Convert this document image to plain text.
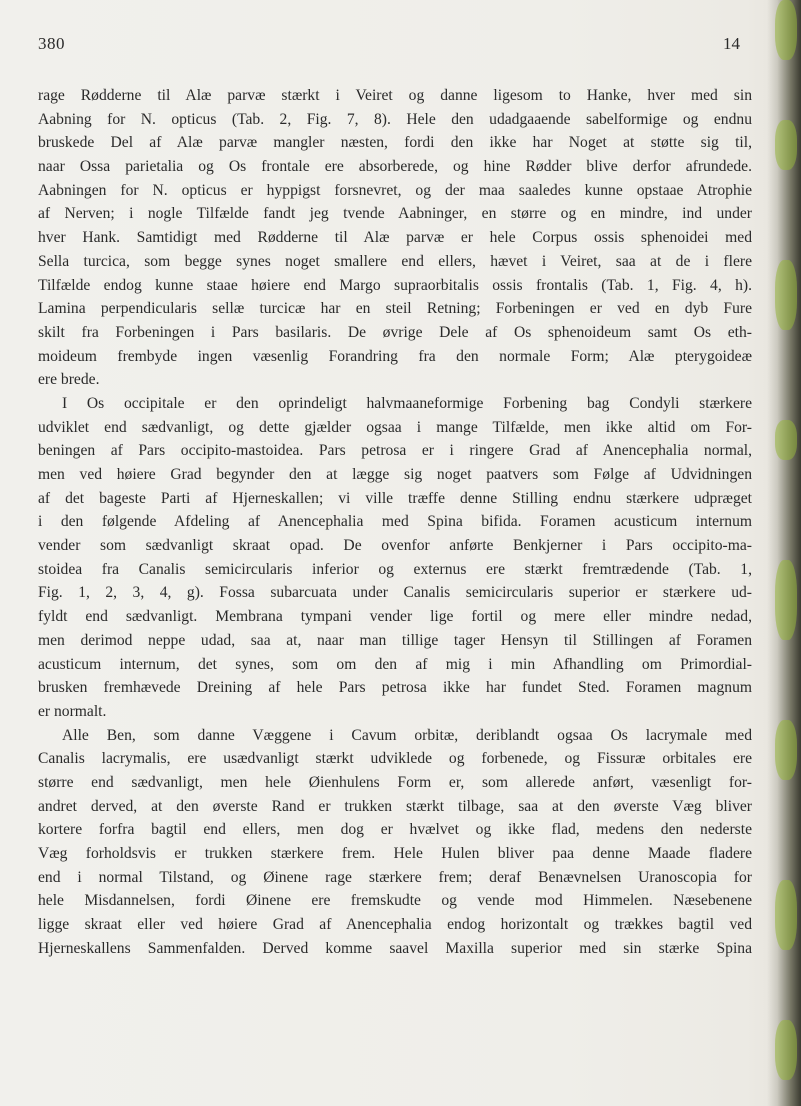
380	14
rage Rødderne til Alæ parvæ stærkt i Veiret og danne ligesom to Hanke, hver med sin
Aabning for N. opticus (Tab. 2, Fig. 7, 8). Hele den udadgaaende sabelformige og endnu
bruskede Del af Alæ parvæ mangler næsten, fordi den ikke har Noget at støtte sig til,
naar Ossa parietalia og Os frontale ere absorberede, og hine Rødder blive derfor afrundede.
Aabningen for N. opticus er hyppigst forsnevret, og der maa saaledes kunne opstaae Atrophie
af Nerven; i nogle Tilfælde fandt jeg tvende Aabninger, en større og en mindre, ind under
hver Hank. Samtidigt med Rødderne til Alæ parvæ er hele Corpus ossis sphenoidei med
Sella turcica, som begge synes noget smallere end ellers, hævet i Veiret, saa at de i flere
Tilfælde endog kunne staae høiere end Margo supraorbitalis ossis frontalis (Tab. 1, Fig. 4, h).
Lamina perpendicularis sellæ turcicæ har en steil Retning; Forbeningen er ved en dyb Fure
skilt fra Forbeningen i Pars basilaris. De øvrige Dele af Os sphenoideum samt Os eth-
moideum frembyde ingen væsenlig Forandring fra den normale Form; Alæ pterygoideæ
ere brede.
I Os occipitale er den oprindeligt halvmaaneformige Forbening bag Condyli stærkere
udviklet end sædvanligt, og dette gjælder ogsaa i mange Tilfælde, men ikke altid om For-
beningen af Pars occipito-mastoidea. Pars petrosa er i ringere Grad af Anencephalia normal,
men ved høiere Grad begynder den at lægge sig noget paatvers som Følge af Udvidningen
af det bageste Parti af Hjerneskallen; vi ville træffe denne Stilling endnu stærkere udpræget
i den følgende Afdeling af Anencephalia med Spina bifida. Foramen acusticum internum
vender som sædvanligt skraat opad. De ovenfor anførte Benkjerner i Pars occipito-ma-
stoidea fra Canalis semicircularis inferior og externus ere stærkt fremtrædende (Tab. 1,
Fig. 1, 2, 3, 4, g). Fossa subarcuata under Canalis semicircularis superior er stærkere ud-
fyldt end sædvanligt. Membrana tympani vender lige fortil og mere eller mindre nedad,
men derimod neppe udad, saa at, naar man tillige tager Hensyn til Stillingen af Foramen
acusticum internum, det synes, som om den af mig i min Afhandling om Primordial-
brusken fremhævede Dreining af hele Pars petrosa ikke har fundet Sted. Foramen magnum
er normalt.
Alle Ben, som danne Væggene i Cavum orbitæ, deriblandt ogsaa Os lacrymale med
Canalis lacrymalis, ere usædvanligt stærkt udviklede og forbenede, og Fissuræ orbitales ere
større end sædvanligt, men hele Øienhulens Form er, som allerede anført, væsenligt for-
andret derved, at den øverste Rand er trukken stærkt tilbage, saa at den øverste Væg bliver
kortere forfra bagtil end ellers, men dog er hvælvet og ikke flad, medens den nederste
Væg forholdsvis er trukken stærkere frem. Hele Hulen bliver paa denne Maade fladere
end i normal Tilstand, og Øinene rage stærkere frem; deraf Benævnelsen Uranoscopia for
hele Misdannelsen, fordi Øinene ere fremskudte og vende mod Himmelen. Næsebenene
ligge skraat eller ved høiere Grad af Anencephalia endog horizontalt og trækkes bagtil ved
Hjerneskallens Sammenfalden. Derved komme saavel Maxilla superior med sin stærke Spina
